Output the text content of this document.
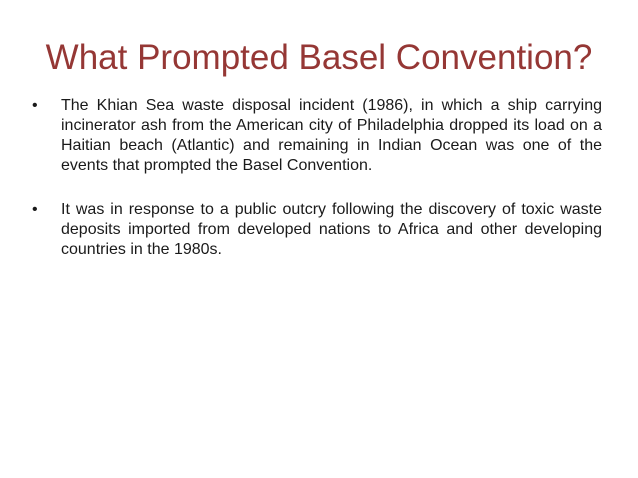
What Prompted Basel Convention?
•	The Khian Sea waste disposal incident (1986), in which a ship carrying incinerator ash from the American city of Philadelphia dropped its load on a Haitian beach (Atlantic) and remaining in Indian Ocean was one of the events that prompted the Basel Convention.
•	It was in response to a public outcry following the discovery of toxic waste deposits imported from developed nations to Africa and other developing countries in the 1980s.
